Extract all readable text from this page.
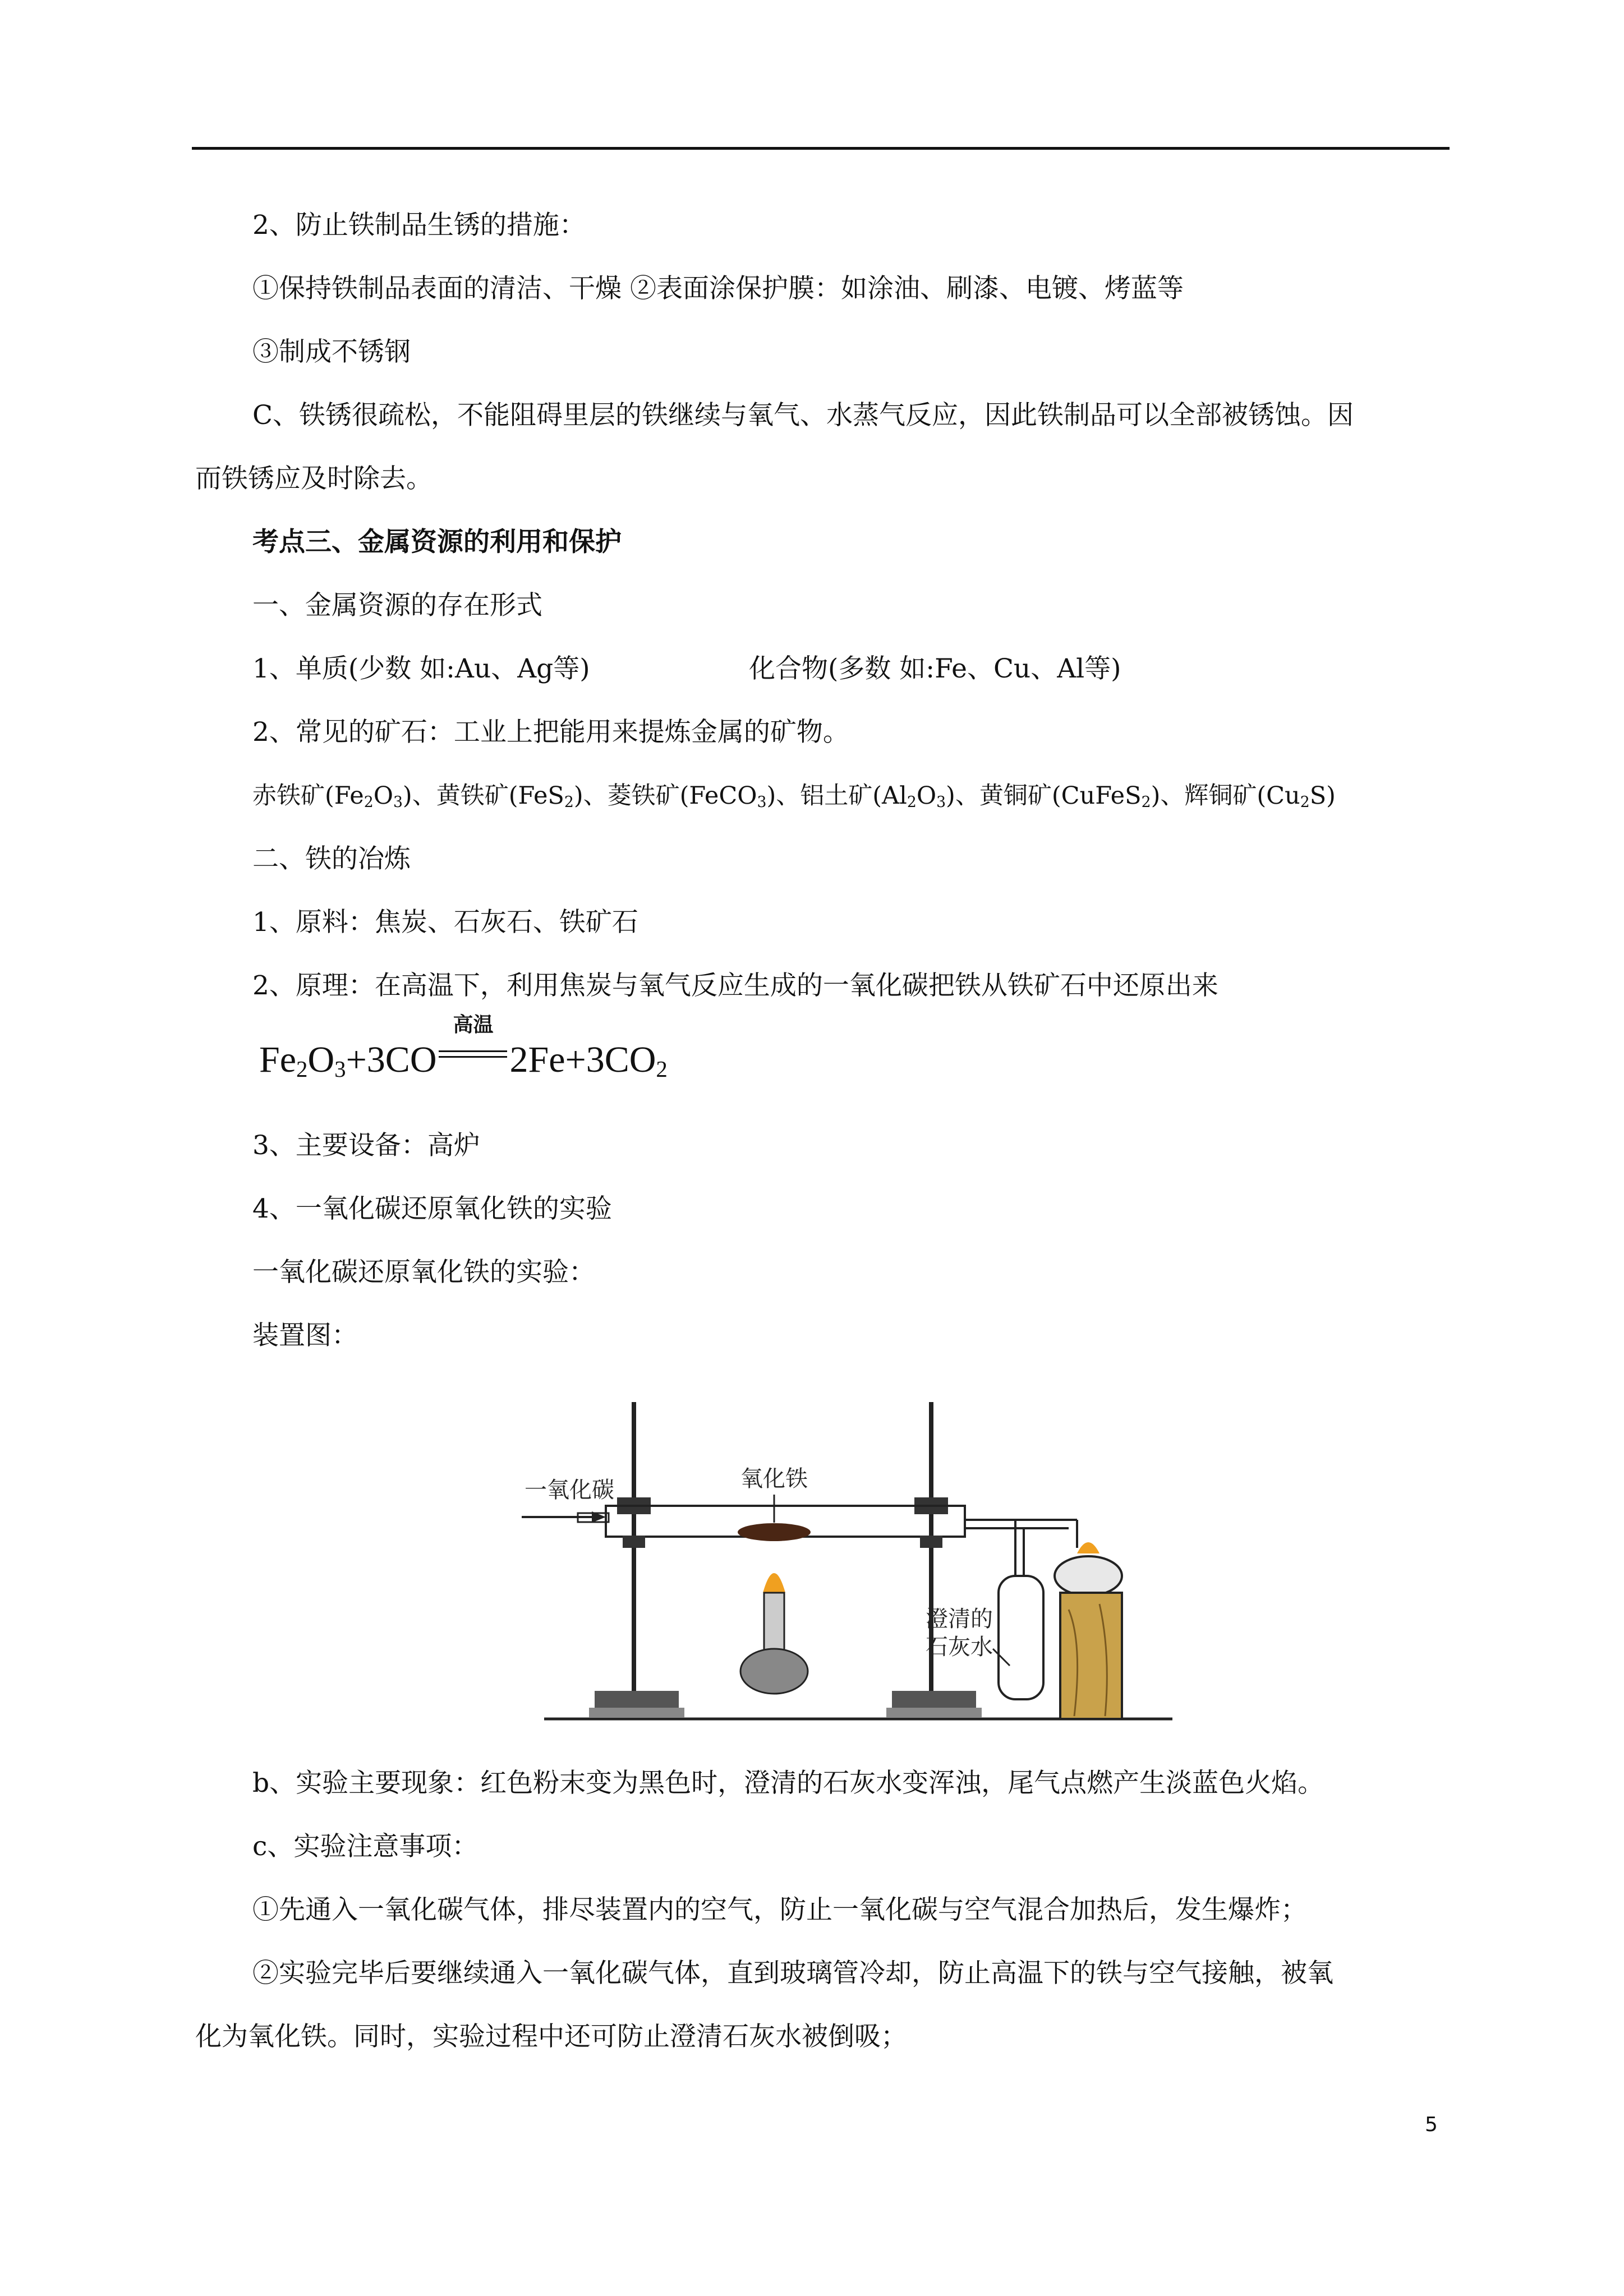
2、防止铁制品生锈的措施：
①保持铁制品表面的清洁、干燥 ②表面涂保护膜：如涂油、刷漆、电镀、烤蓝等
③制成不锈钢
C、铁锈很疏松，不能阻碍里层的铁继续与氧气、水蒸气反应，因此铁制品可以全部被锈蚀。因
而铁锈应及时除去。
考点三、金属资源的利用和保护
一、金属资源的存在形式
1、单质(少数 如:Au、Ag等)	化合物(多数 如:Fe、Cu、Al等)
2、常见的矿石：工业上把能用来提炼金属的矿物。
赤铁矿$(Fe_2O_3)$、黄铁矿(FeS$_2$)、菱铁矿(FeCO$_3$)、铝土矿$(Al_2O_3)$、黄铜矿(CuFeS$_2$)、辉铜矿$(Cu_2S)$
二、铁的冶炼
1、原料：焦炭、石灰石、铁矿石
2、原理：在高温下，利用焦炭与氧气反应生成的一氧化碳把铁从铁矿石中还原出来
$Fe_2O_3+3CO$
高温
$2Fe+3CO_2$
3、主要设备：高炉
4、一氧化碳还原氧化铁的实验
一氧化碳还原氧化铁的实验：
装置图：
一氧化碳	氧化铁
澄清的
石灰水
b、实验主要现象：红色粉末变为黑色时，澄清的石灰水变浑浊，尾气点燃产生淡蓝色火焰。
c、实验注意事项：
①先通入一氧化碳气体，排尽装置内的空气，防止一氧化碳与空气混合加热后，发生爆炸；
②实验完毕后要继续通入一氧化碳气体，直到玻璃管冷却，防止高温下的铁与空气接触，被氧
化为氧化铁。同时，实验过程中还可防止澄清石灰水被倒吸；
5
